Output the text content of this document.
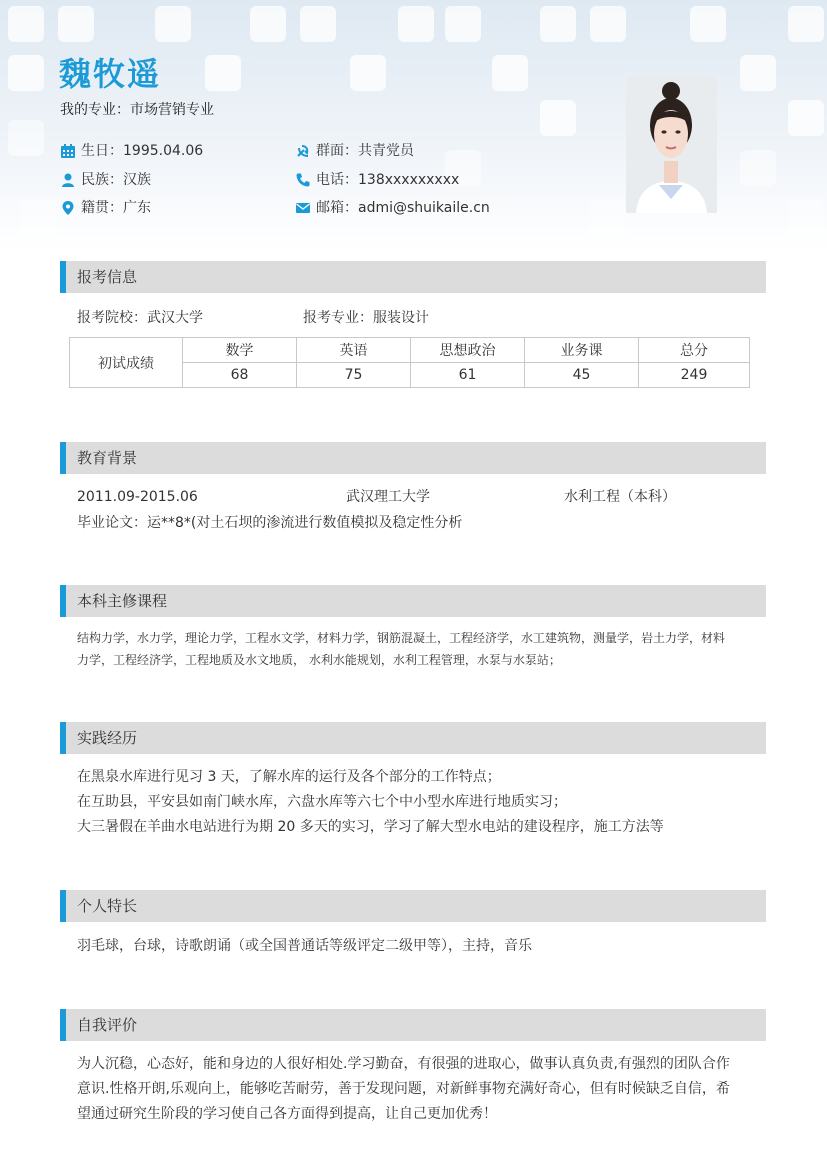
魏牧遥
我的专业：市场营销专业
生日：1995.04.06
民族：汉族
籍贯：广东
群面：共青党员
电话：138xxxxxxxxx
邮箱：admi@shuikaile.cn
报考信息
报考院校：武汉大学	报考专业：服装设计
初试成绩	数学	英语	思想政治	业务课	总分
	68	75	61	45	249
教育背景
2011.09-2015.06	武汉理工大学	水利工程（本科）
毕业论文：运**8*(对土石坝的渗流进行数值模拟及稳定性分析
本科主修课程
结构力学，水力学，理论力学，工程水文学，材料力学，钢筋混凝土，工程经济学，水工建筑物，测量学，岩土力学，材料
力学，工程经济学，工程地质及水文地质， 水利水能规划，水利工程管理，水泵与水泵站；
实践经历
在黑泉水库进行见习 3 天，了解水库的运行及各个部分的工作特点；
在互助县，平安县如南门峡水库，六盘水库等六七个中小型水库进行地质实习；
大三暑假在羊曲水电站进行为期 20 多天的实习，学习了解大型水电站的建设程序，施工方法等
个人特长
羽毛球，台球，诗歌朗诵（或全国普通话等级评定二级甲等），主持，音乐
自我评价
为人沉稳，心态好，能和身边的人很好相处.学习勤奋，有很强的进取心，做事认真负责,有强烈的团队合作
意识.性格开朗,乐观向上，能够吃苦耐劳，善于发现问题，对新鲜事物充满好奇心，但有时候缺乏自信，希
望通过研究生阶段的学习使自己各方面得到提高，让自己更加优秀！
